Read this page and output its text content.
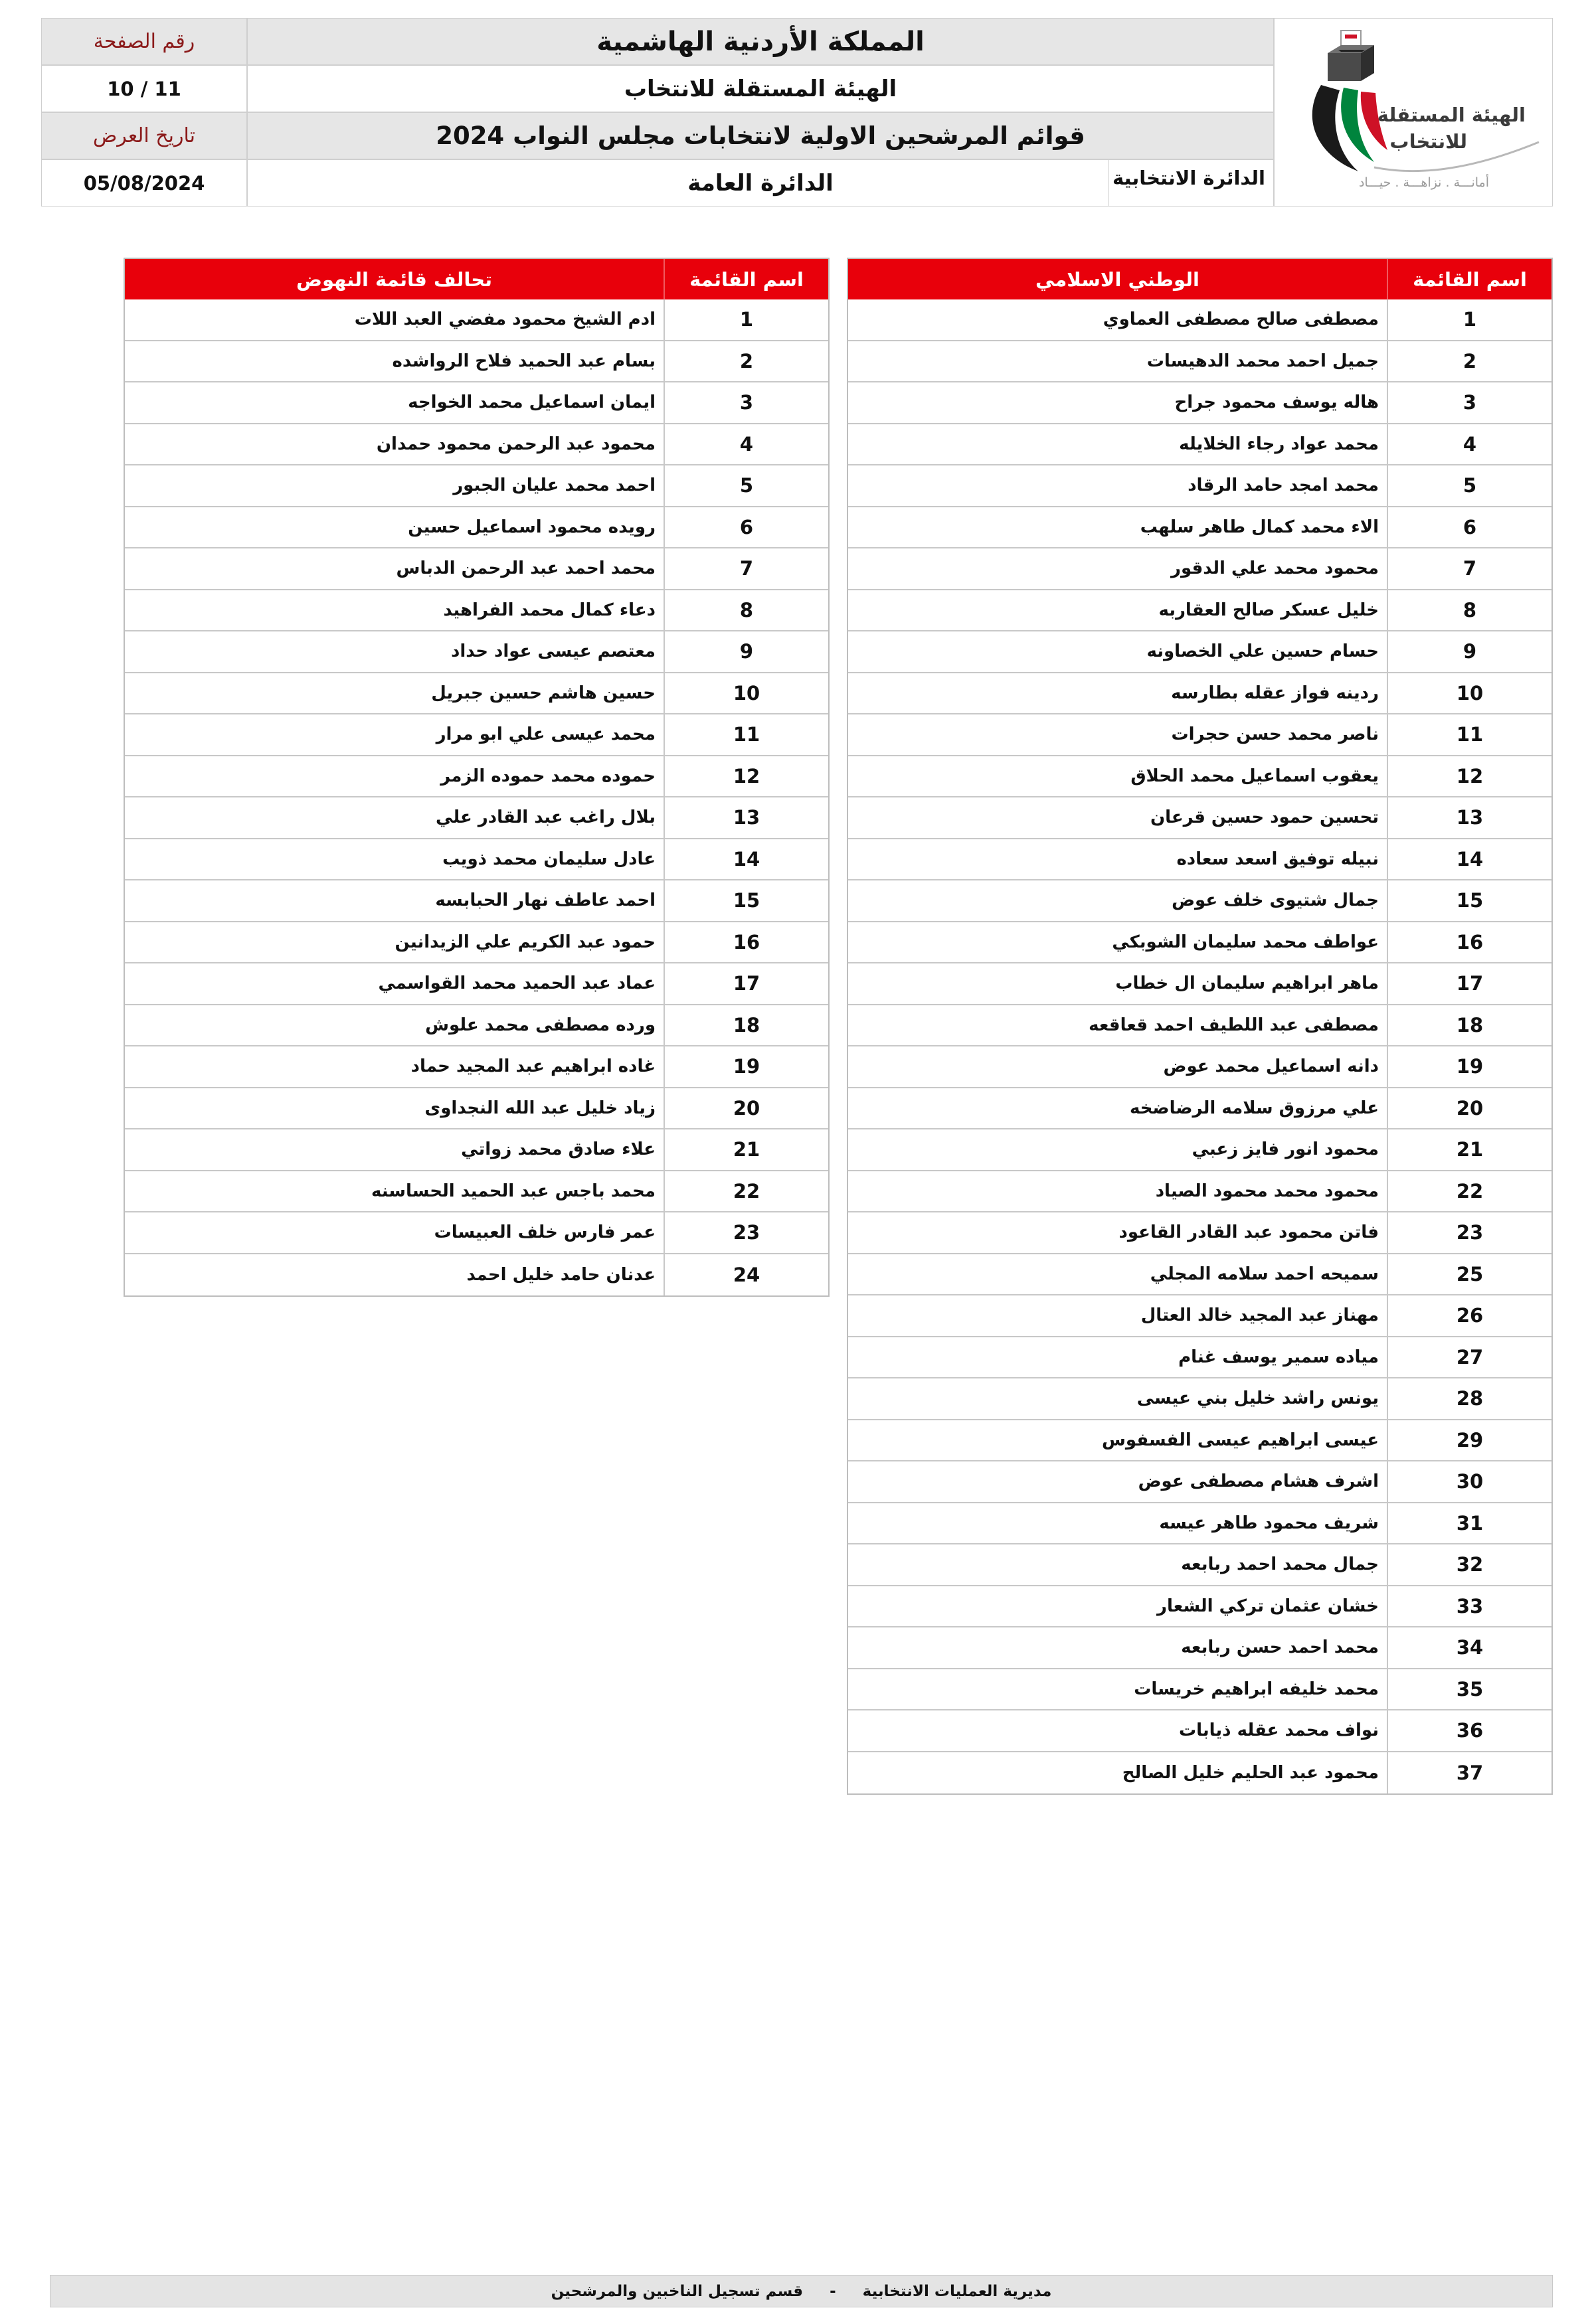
رقم الصفحة
10 / 11
تاريخ العرض
05/08/2024
المملكة الأردنية الهاشمية
الهيئة المستقلة للانتخاب
قوائم المرشحين الاولية لانتخابات مجلس النواب 2024
الدائرة العامة	الدائرة الانتخابية
الهيئة المستقلة
للانتخاب
أمانـــة . نزاهـــة . حيـــاد
اسم القائمة
الوطني الاسلامي
1
مصطفى صالح مصطفى العماوي
2
جميل احمد محمد الدهيسات
3
هاله يوسف محمود جراح
4
محمد عواد رجاء الخلايله
5
محمد امجد حامد الرقاد
6
الاء محمد كمال طاهر سلهب
7
محمود محمد علي الدقور
8
خليل عسكر صالح العقاربه
9
حسام حسين علي الخصاونه
10
ردينه فواز عقله بطارسه
11
ناصر محمد حسن حجرات
12
يعقوب اسماعيل محمد الحلاق
13
تحسين حمود حسين قرعان
14
نبيله توفيق اسعد سعاده
15
جمال شتيوى خلف عوض
16
عواطف محمد سليمان الشوبكي
17
ماهر ابراهيم سليمان ال خطاب
18
مصطفى عبد اللطيف احمد قعاقعه
19
دانه اسماعيل محمد عوض
20
علي مرزوق سلامه الرضاضخه
21
محمود انور فايز زعبي
22
محمود محمد محمود الصياد
23
فاتن محمود عبد القادر القاعود
25
سميحه احمد سلامه المجلي
26
مهناز عبد المجيد خالد العتال
27
مياده سمير يوسف غنام
28
يونس راشد خليل بني عيسى
29
عيسى ابراهيم عيسى الفسفوس
30
اشرف هشام مصطفى عوض
31
شريف محمود طاهر عيسه
32
جمال محمد احمد ربابعه
33
خشان عثمان تركي الشعار
34
محمد احمد حسن ربابعه
35
محمد خليفه ابراهيم خريسات
36
نواف محمد عقله ذيابات
37
محمود عبد الحليم خليل الصالح
اسم القائمة
تحالف قائمة النهوض
1
ادم الشيخ محمود مفضي العبد اللات
2
بسام عبد الحميد فلاح الرواشده
3
ايمان اسماعيل محمد الخواجه
4
محمود عبد الرحمن محمود حمدان
5
احمد محمد عليان الجبور
6
رويده محمود اسماعيل حسين
7
محمد احمد عبد الرحمن الدباس
8
دعاء كمال محمد الفراهيد
9
معتصم عيسى عواد حداد
10
حسين هاشم حسين جبريل
11
محمد عيسى علي ابو مرار
12
حموده محمد حموده الزمر
13
بلال راغب عبد القادر علي
14
عادل سليمان محمد ذويب
15
احمد عاطف نهار الحبابسه
16
حمود عبد الكريم علي الزيدانين
17
عماد عبد الحميد محمد القواسمي
18
ورده مصطفى محمد علوش
19
غاده ابراهيم عبد المجيد حماد
20
زياد خليل عبد الله النجداوى
21
علاء صادق محمد زواتي
22
محمد باجس عبد الحميد الحساسنه
23
عمر فارس خلف العبيسات
24
عدنان حامد خليل احمد
مديرية العمليات الانتخابية
-
قسم تسجيل الناخبين والمرشحين
